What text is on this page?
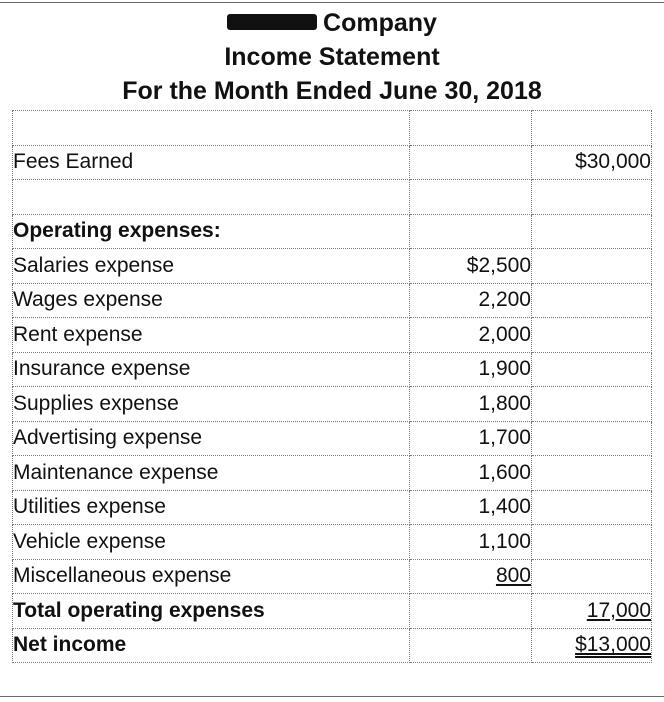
Company
Income Statement
For the Month Ended June 30, 2018

Fees Earned		$30,000

Operating expenses:		
Salaries expense	$2,500	
Wages expense	2,200	
Rent expense	2,000	
Insurance expense	1,900	
Supplies expense	1,800	
Advertising expense	1,700	
Maintenance expense	1,600	
Utilities expense	1,400	
Vehicle expense	1,100	
Miscellaneous expense	800	
Total operating expenses		17,000
Net income		$13,000
